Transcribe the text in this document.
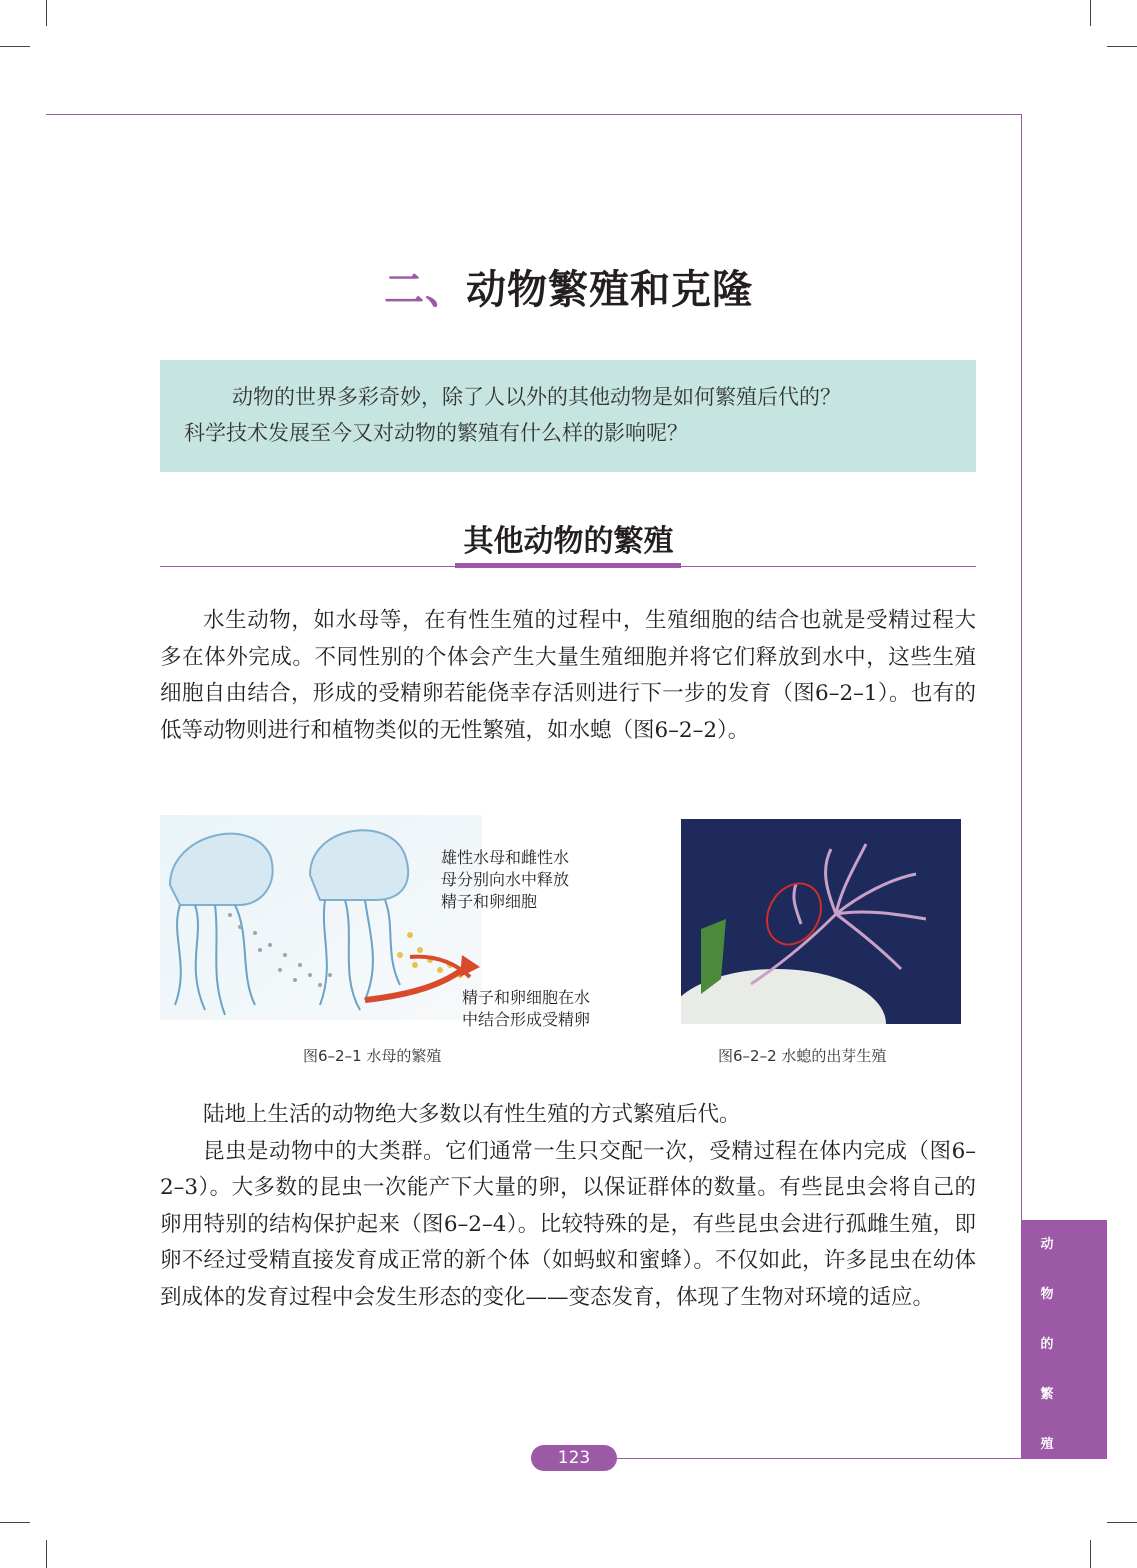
二、动物繁殖和克隆

动物的世界多彩奇妙，除了人以外的其他动物是如何繁殖后代的？

科学技术发展至今又对动物的繁殖有什么样的影响呢？

其他动物的繁殖

水生动物，如水母等，在有性生殖的过程中，生殖细胞的结合也就是受精过程大多在体外完成。不同性别的个体会产生大量生殖细胞并将它们释放到水中，这些生殖细胞自由结合，形成的受精卵若能侥幸存活则进行下一步的发育（图6–2–1）。也有的低等动物则进行和植物类似的无性繁殖，如水螅（图6–2–2）。

雄性水母和雌性水
母分别向水中释放
精子和卵细胞
精子和卵细胞在水
中结合形成受精卵
图6–2–1 水母的繁殖	图6–2–2 水螅的出芽生殖

陆地上生活的动物绝大多数以有性生殖的方式繁殖后代。

昆虫是动物中的大类群。它们通常一生只交配一次，受精过程在体内完成（图6–2–3）。大多数的昆虫一次能产下大量的卵，以保证群体的数量。有些昆虫会将自己的卵用特别的结构保护起来（图6–2–4）。比较特殊的是，有些昆虫会进行孤雌生殖，即卵不经过受精直接发育成正常的新个体（如蚂蚁和蜜蜂）。不仅如此，许多昆虫在幼体到成体的发育过程中会发生形态的变化——变态发育，体现了生物对环境的适应。

动
物
的
繁
殖
123
